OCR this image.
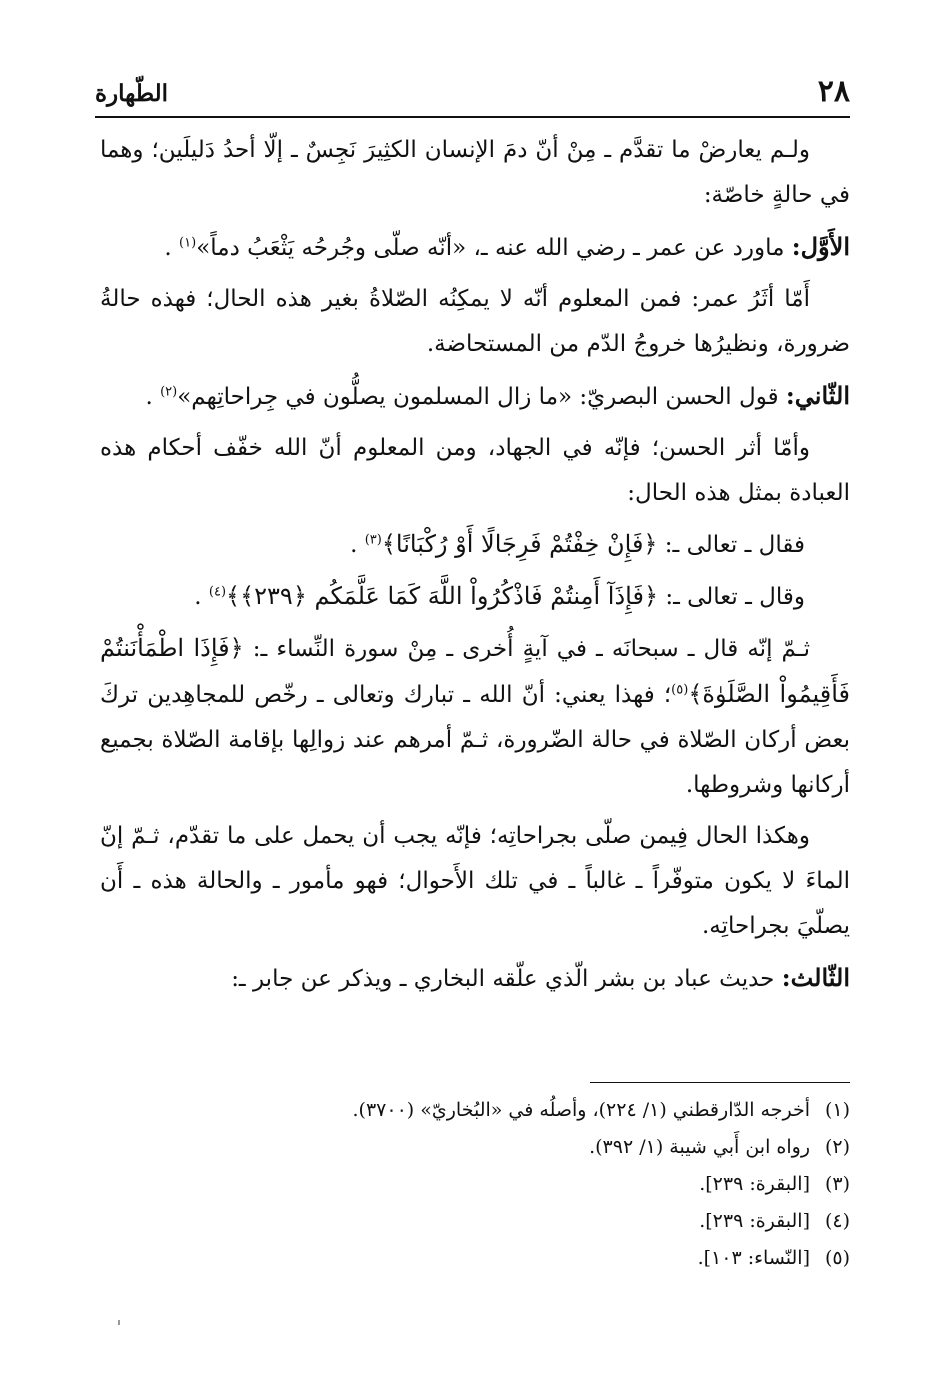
٢٨
الطّهارة

ولـم يعارضْ ما تقدَّم ـ مِنْ أنّ دمَ الإنسان الكثِيرَ نَجِسٌ ـ إلّا أحدُ دَليلَين؛ وهما في حالةٍ خاصّة:

الأَوَّل: ماورد عن عمر ـ رضي الله عنه ـ، «أنّه صلّى وجُرحُه يَثْعَبُ دماً»$^{(١)}$ .

أَمّا أثَرُ عمر: فمن المعلوم أنّه لا يمكِنُه الصّلاةُ بغير هذه الحال؛ فهذه حالةُ ضرورة، ونظيرُها خروجُ الدّم من المستحاضة.

الثّاني: قول الحسن البصريّ: «ما زال المسلمون يصلُّون في جِراحاتِهم»$^{(٢)}$ .

وأمّا أثر الحسن؛ فإنّه في الجهاد، ومن المعلوم أنّ الله خفّف أحكام هذه العبادة بمثل هذه الحال:

فقال ـ تعالى ـ: ﴿فَإِنْ خِفْتُمْ فَرِجَالًا أَوْ رُكْبَانًا﴾$^{(٣)}$ .

وقال ـ تعالى ـ: ﴿فَإِذَآ أَمِنتُمْ فَاذْكُرُواْ اللَّهَ كَمَا عَلَّمَكُم ﴿٢٣٩﴾﴾$^{(٤)}$ .

ثـمّ إنّه قال ـ سبحانَه ـ في آيةٍ أُخرى ـ مِنْ سورة النِّساء ـ: ﴿فَإِذَا اطْمَأْنَنتُمْ فَأَقِيمُواْ الصَّلَوٰةَ﴾$^{(٥)}$؛ فهذا يعني: أنّ الله ـ تبارك وتعالى ـ رخّص للمجاهِدين تركَ بعض أركان الصّلاة في حالة الضّرورة، ثـمّ أمرهم عند زوالِها بإقامة الصّلاة بجميع أركانها وشروطها.

وهكذا الحال فِيمن صلّى بجراحاتِه؛ فإنّه يجب أن يحمل على ما تقدّم، ثـمّ إنّ الماءَ لا يكون متوفّراً ـ غالباً ـ في تلك الأَحوال؛ فهو مأمور ـ والحالة هذه ـ أَن يصلّيَ بجراحاتِه.

الثّالث: حديث عباد بن بشر الّذي علّقه البخاري ـ ويذكر عن جابر ـ:

(١)أخرجه الدّارقطني (١/ ٢٢٤)، وأصلُه في «البُخاريّ» (٣٧٠٠).

(٢)رواه ابن أَبي شيبة (١/ ٣٩٢).

(٣)[البقرة: ٢٣٩].

(٤)[البقرة: ٢٣٩].

(٥)[النّساء: ١٠٣].
